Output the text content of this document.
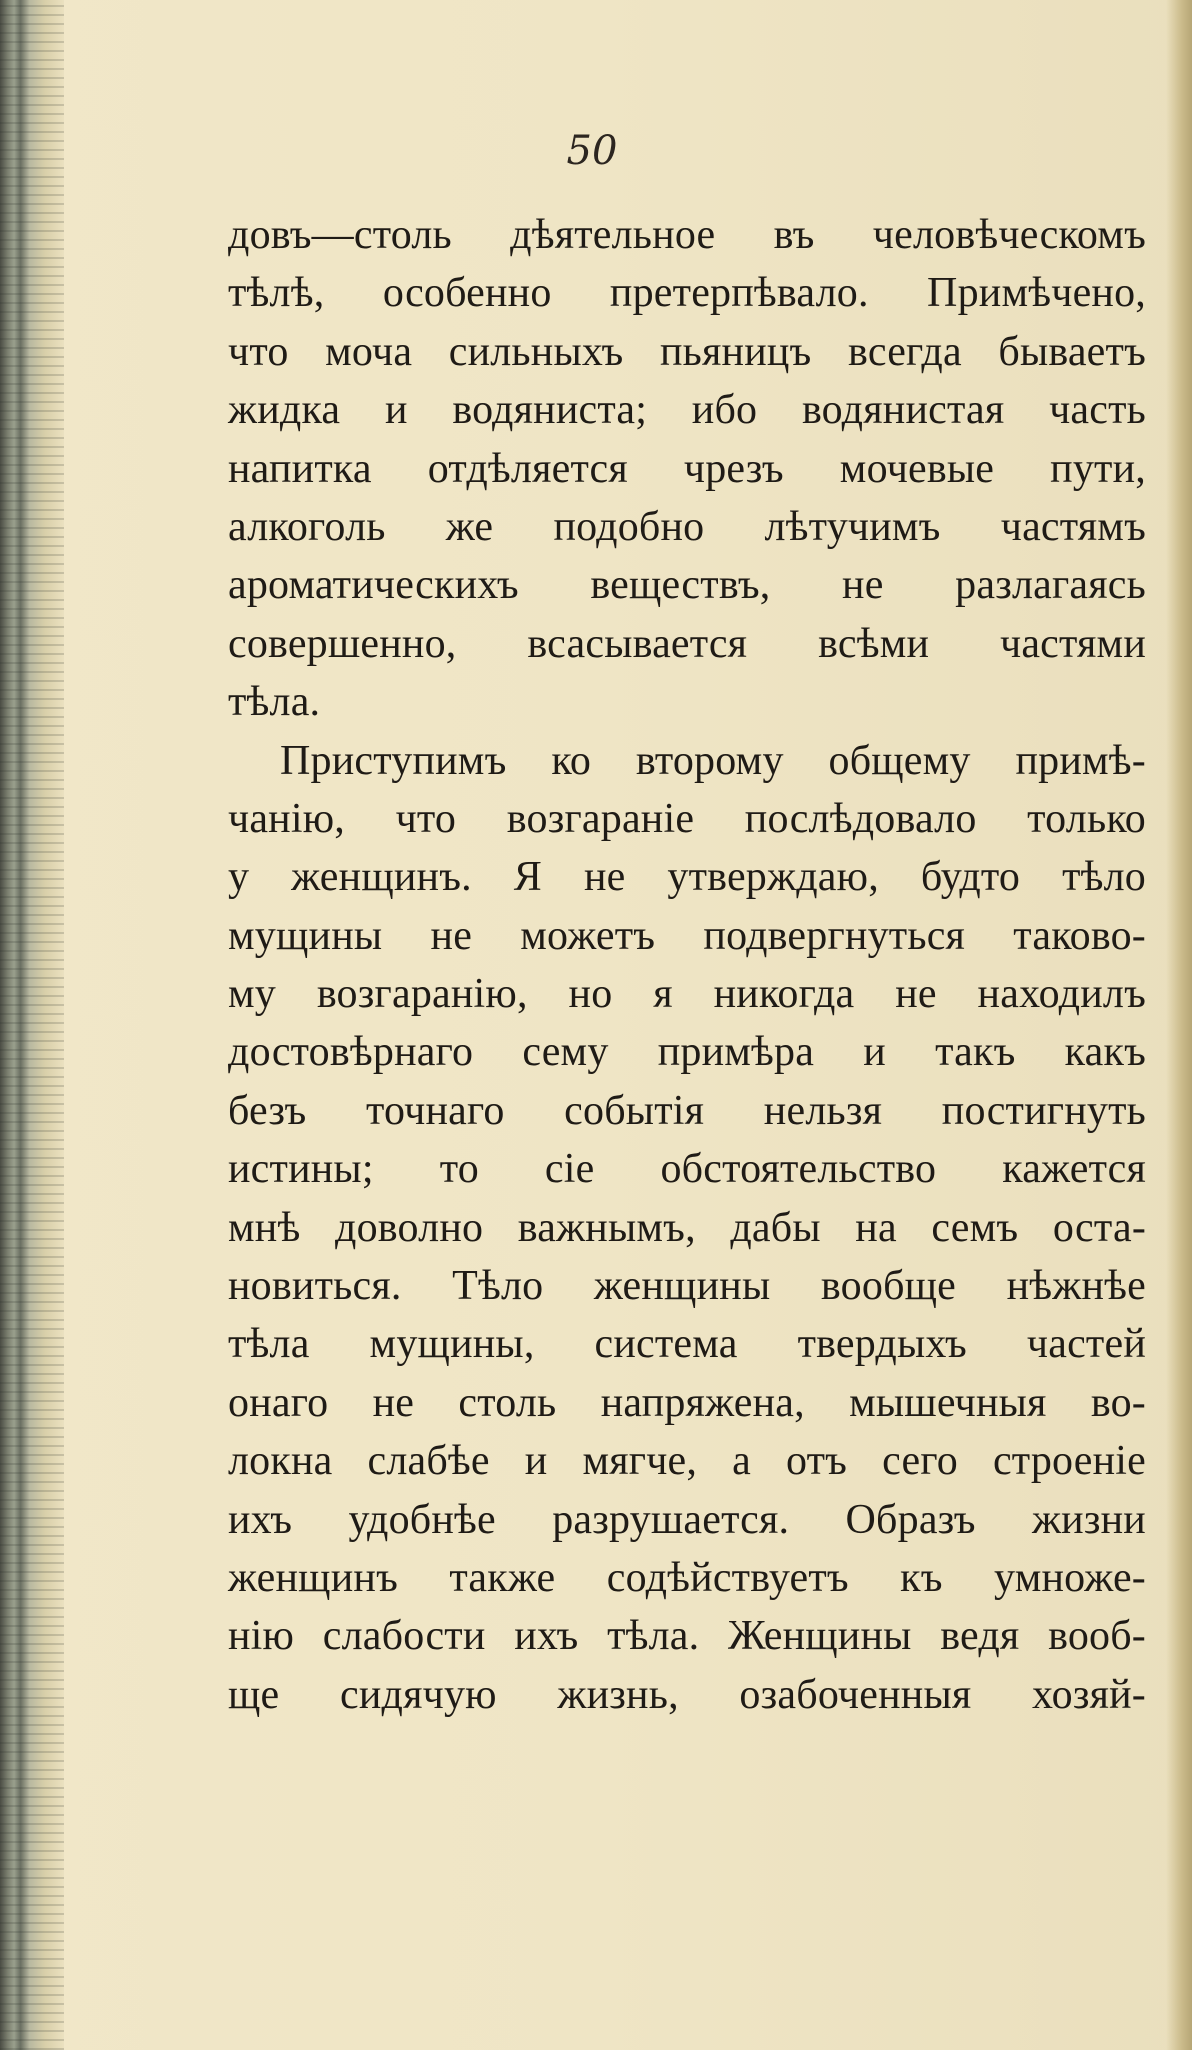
50
довъ—столь дѣятельное въ человѣческомъ
тѣлѣ, особенно претерпѣвало. Примѣчено,
что моча сильныхъ пьяницъ всегда бываетъ
жидка и водяниста; ибо водянистая часть
напитка отдѣляется чрезъ мочевые пути,
алкоголь же подобно лѣтучимъ частямъ
ароматическихъ веществъ, не разлагаясь
совершенно, всасывается всѣми частями
тѣла.
Приступимъ ко второму общему примѣ-
чанію, что возгараніе послѣдовало только
у женщинъ. Я не утверждаю, будто тѣло
мущины не можетъ подвергнуться таково-
му возгаранію, но я никогда не находилъ
достовѣрнаго сему примѣра и такъ какъ
безъ точнаго событія нельзя постигнуть
истины; то сіе обстоятельство кажется
мнѣ доволно важнымъ, дабы на семъ оста-
новиться. Тѣло женщины вообще нѣжнѣе
тѣла мущины, система твердыхъ частей
онаго не столь напряжена, мышечныя во-
локна слабѣе и мягче, а отъ сего строеніе
ихъ удобнѣе разрушается. Образъ жизни
женщинъ также содѣйствуетъ къ умноже-
нію слабости ихъ тѣла. Женщины ведя вооб-
ще сидячую жизнь, озабоченныя хозяй-
